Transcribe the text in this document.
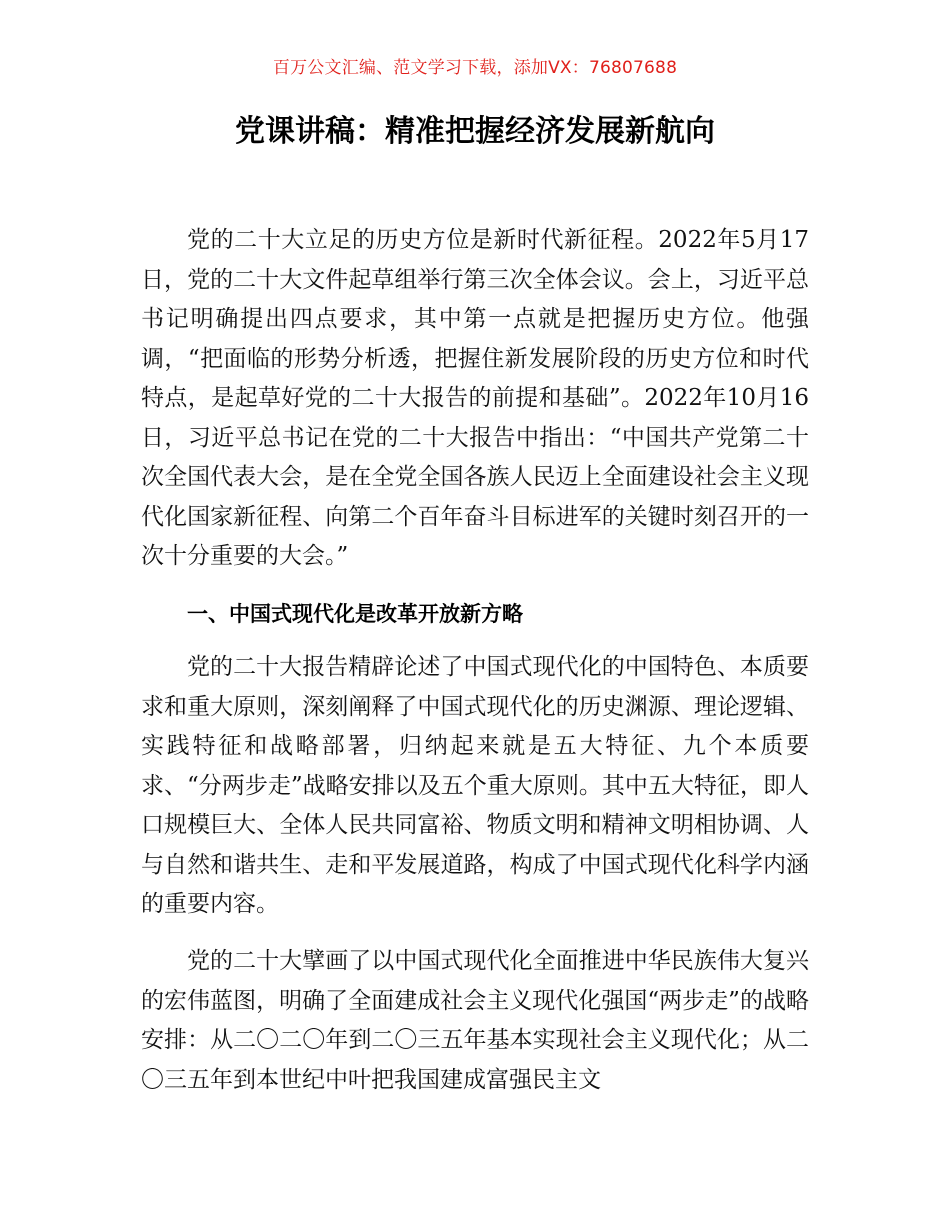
百万公文汇编、范文学习下载，添加VX：76807688
党课讲稿：精准把握经济发展新航向

党的二十大立足的历史方位是新时代新征程。2022年5月17日，党的二十大文件起草组举行第三次全体会议。会上，习近平总书记明确提出四点要求，其中第一点就是把握历史方位。他强调，“把面临的形势分析透，把握住新发展阶段的历史方位和时代特点，是起草好党的二十大报告的前提和基础”。2022年10月16日，习近平总书记在党的二十大报告中指出：“中国共产党第二十次全国代表大会，是在全党全国各族人民迈上全面建设社会主义现代化国家新征程、向第二个百年奋斗目标进军的关键时刻召开的一次十分重要的大会。”

一、中国式现代化是改革开放新方略

党的二十大报告精辟论述了中国式现代化的中国特色、本质要求和重大原则，深刻阐释了中国式现代化的历史渊源、理论逻辑、实践特征和战略部署，归纳起来就是五大特征、九个本质要求、“分两步走”战略安排以及五个重大原则。其中五大特征，即人口规模巨大、全体人民共同富裕、物质文明和精神文明相协调、人与自然和谐共生、走和平发展道路，构成了中国式现代化科学内涵的重要内容。

党的二十大擘画了以中国式现代化全面推进中华民族伟大复兴的宏伟蓝图，明确了全面建成社会主义现代化强国“两步走”的战略安排：从二〇二〇年到二〇三五年基本实现社会主义现代化；从二〇三五年到本世纪中叶把我国建成富强民主文
